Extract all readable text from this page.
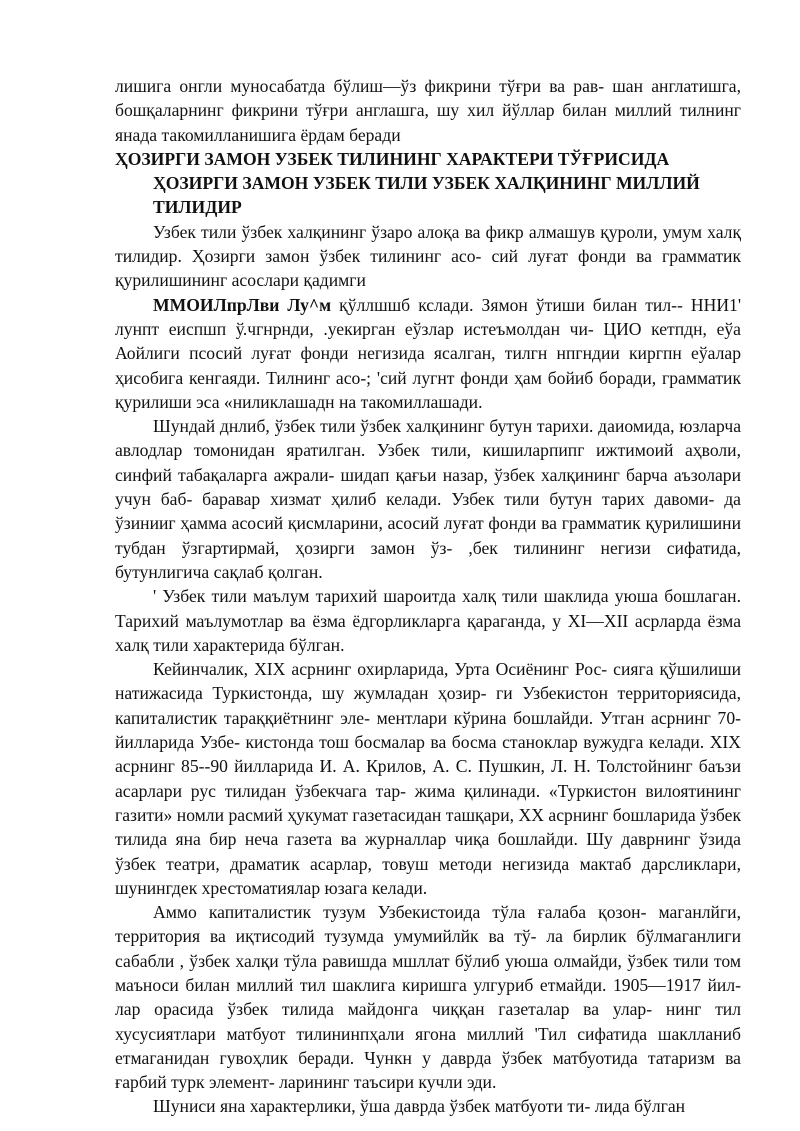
лишига онгли муносабатда бўлиш—ўз фикрини тўғри ва рав- шан англатишга, бошқаларнинг фикрини тўғри англашга, шу хил йўллар билан миллий тилнинг янада такомилланишига ёрдам беради

ҲОЗИРГИ ЗАМОН УЗБЕК ТИЛИНИНГ ХАРАКТЕРИ ТЎҒРИСИДА

ҲОЗИРГИ ЗАМОН УЗБЕК ТИЛИ УЗБЕК ХАЛҚИНИНГ МИЛЛИЙ ТИЛИДИР

Узбек тили ўзбек халқининг ўзаро алоқа ва фикр алмашув қуроли, умум халқ тилидир. Ҳозирги замон ўзбек тилининг асо- сий луғат фонди ва грамматик қурилишининг асослари қадимги

ММОИЛпрЛви Лу^м қўллшшб кслади. Зямон ўтиши билан тил-- ННИ1' лунпт еиспшп ў.чгнрнди, .уекирган еўзлар истеъмолдан чи- ЦИО кетпдн, еўа Аойлиги псосий луғат фонди негизида ясалган, тилгн нпгндии киргпн еўалар ҳисобига кенгаяди. Тилнинг асо-; 'сий лугнт фонди ҳам бойиб боради, грамматик қурилиши эса «ниликлашадн на такомиллашади.

Шундай днлиб, ўзбек тили ўзбек халқининг бутун тарихи. даиомида, юзларча авлодлар томонидан яратилган. Узбек тили, кишиларпипг ижтимоий аҳволи, синфий табақаларга ажрали- шидап қағьи назар, ўзбек халқининг барча аъзолари учун баб- баравар хизмат ҳилиб келади. Узбек тили бутун тарих давоми- да ўзинииг ҳамма асосий қисмларини, асосий луғат фонди ва грамматик қурилишини тубдан ўзгартирмай, ҳозирги замон ўз- ,бек тилининг негизи сифатида, бутунлигича сақлаб қолган.

' Узбек тили маълум тарихий шароитда халқ тили шаклида уюша бошлаган. Тарихий маълумотлар ва ёзма ёдгорликларга қараганда, у XI—XII асрларда ёзма халқ тили характерида бўлган.

Кейинчалик, XIX асрнинг охирларида, Урта Осиёнинг Рос- сияга қўшилиши натижасида Туркистонда, шу жумладан ҳозир- ги Узбекистон территориясида, капиталистик тараққиётнинг эле- ментлари кўрина бошлайди. Утган асрнинг 70-йилларида Узбе- кистонда тош босмалар ва босма станоклар вужудга келади. XIX асрнинг 85--90 йилларида И. А. Крилов, А. С. Пушкин, Л. Н. Толстойнинг баъзи асарлари рус тилидан ўзбекчага тар- жима қилинади. «Туркистон вилоятининг газити» номли расмий ҳукумат газетасидан ташқари, XX асрнинг бошларида ўзбек тилида яна бир неча газета ва журналлар чиқа бошлайди. Шу даврнинг ўзида ўзбек театри, драматик асарлар, товуш методи негизида мактаб дарсликлари, шунингдек хрестоматиялар юзага келади.

Аммо капиталистик тузум Узбекистоида тўла ғалаба қозон- маганлйги, территория ва иқтисодий тузумда умумийлйк ва тў- ла бирлик бўлмаганлиги сабабли , ўзбек халқи тўла равишда мшллат бўлиб уюша олмайди, ўзбек тили том маъноси билан миллий тил шаклига киришга улгуриб етмайди. 1905—1917 йил- лар орасида ўзбек тилида майдонга чиққан газеталар ва улар- нинг тил хусусиятлари матбуот тилининпҳали ягона миллий 'Тил сифатида шаклланиб етмаганидан гувоҳлик беради. Чункн у даврда ўзбек матбуотида татаризм ва ғарбий турк элемент- ларининг таъсири кучли эди.

Шуниси яна характерлики, ўша даврда ўзбек матбуоти ти- лида бўлган
